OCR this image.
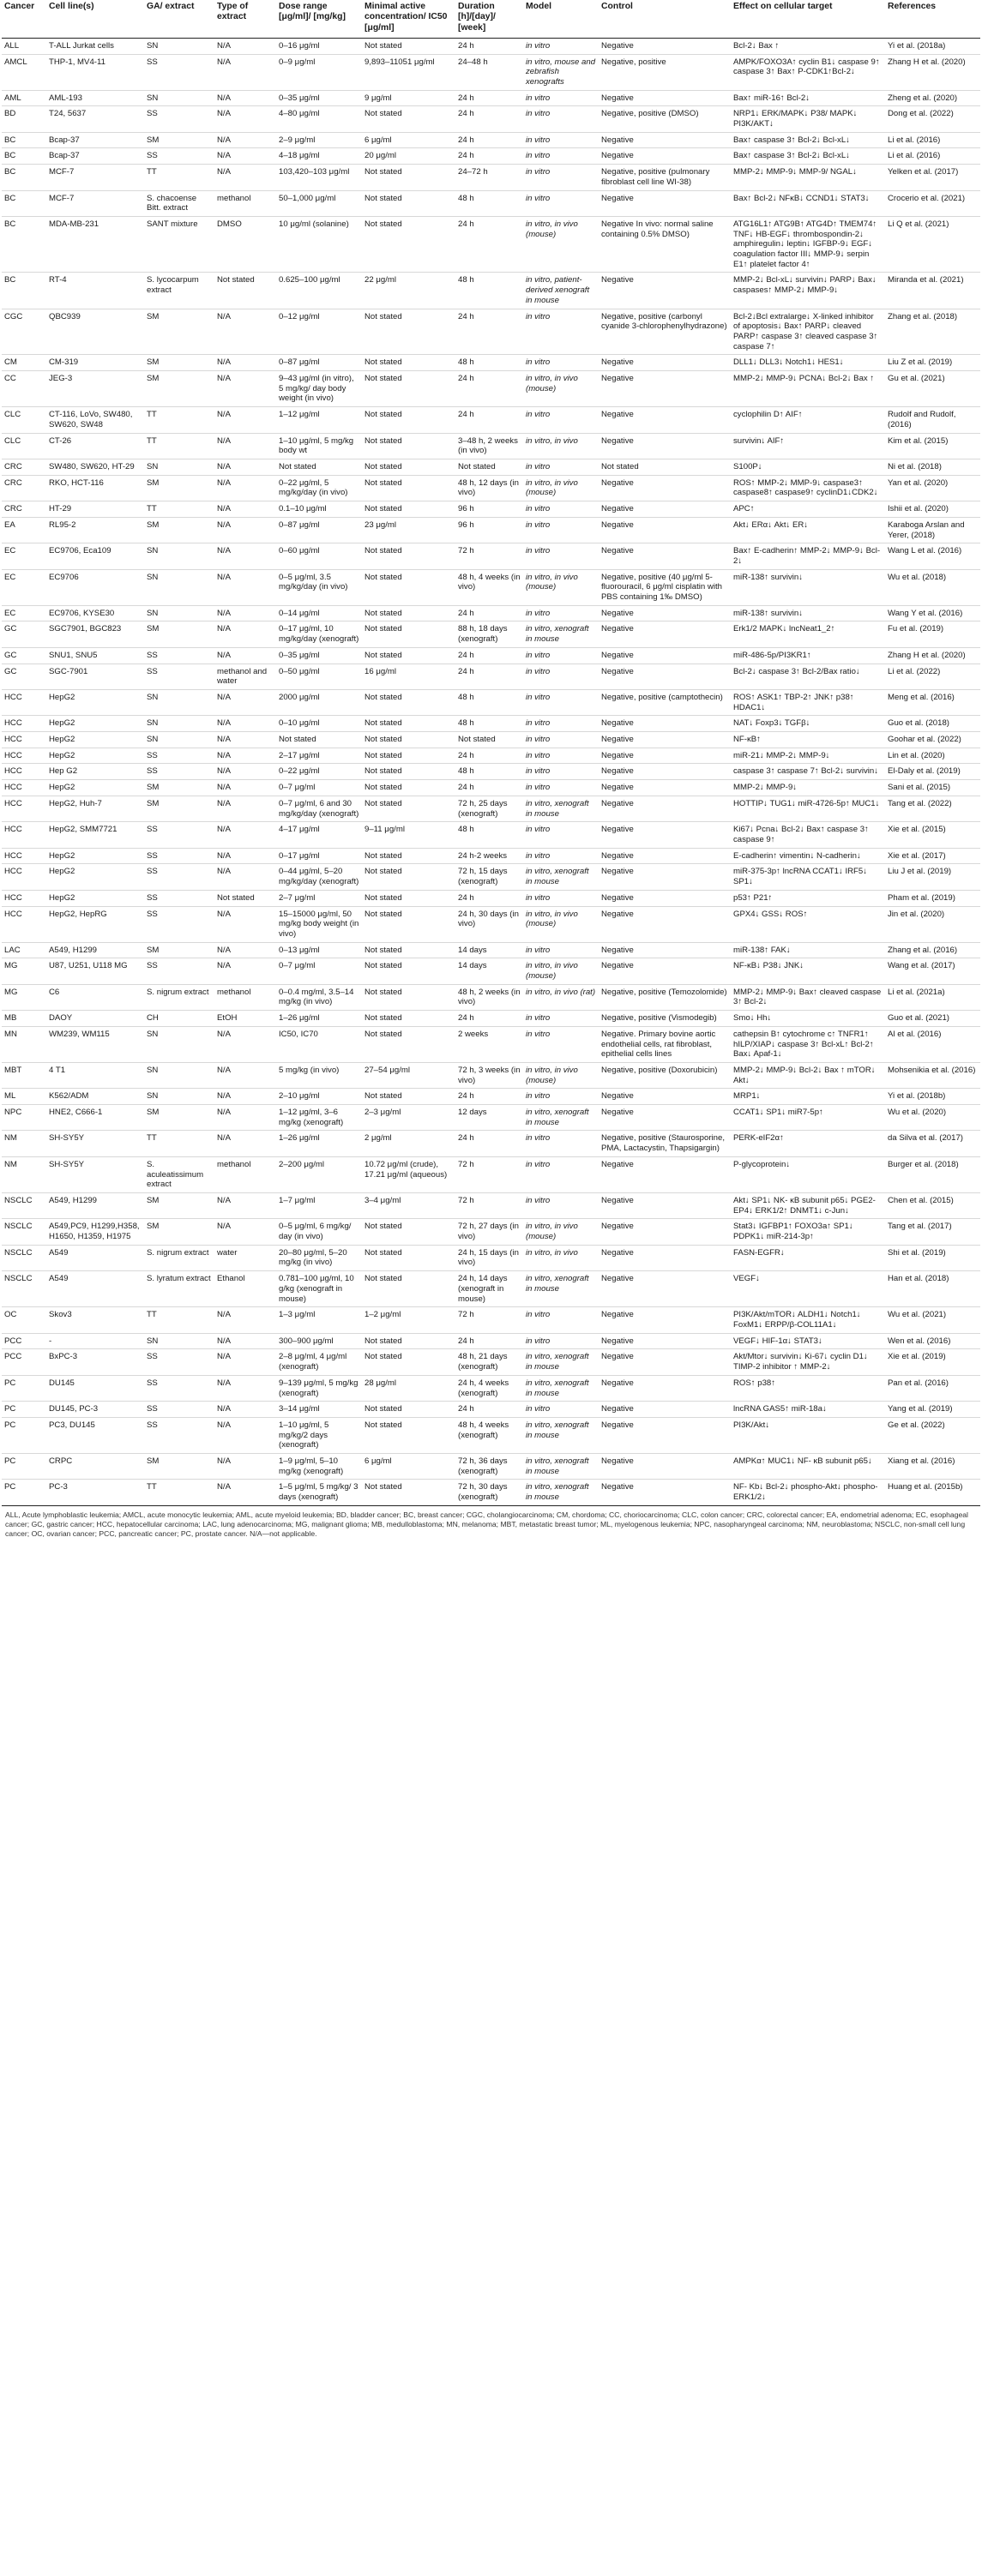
Cancer	Cell line(s)	GA/ extract	Type of extract	Dose range [μg/ml]/ [mg/kg]	Minimal active concentration/ IC50 [μg/ml]	Duration [h]/[day]/ [week]	Model	Control	Effect on cellular target	References
ALL	T-ALL Jurkat cells	SN	N/A	0–16 μg/ml	Not stated	24 h	in vitro	Negative	Bcl-2↓ Bax ↑	Yi et al. (2018a)
AMCL	THP-1, MV4-11	SS	N/A	0–9 μg/ml	9,893–11051 μg/ml	24–48 h	in vitro, mouse and zebrafish xenografts	Negative, positive	AMPK/FOXO3A↑ cyclin B1↓ caspase 9↑ caspase 3↑ Bax↑ P-CDK1↑Bcl-2↓	Zhang H et al. (2020)
AML	AML-193	SN	N/A	0–35 μg/ml	9 μg/ml	24 h	in vitro	Negative	Bax↑ miR-16↑ Bcl-2↓	Zheng et al. (2020)
BD	T24, 5637	SS	N/A	4–80 μg/ml	Not stated	24 h	in vitro	Negative, positive (DMSO)	NRP1↓ ERK/MAPK↓ P38/ MAPK↓ PI3K/AKT↓	Dong et al. (2022)
BC	Bcap-37	SM	N/A	2–9 μg/ml	6 μg/ml	24 h	in vitro	Negative	Bax↑ caspase 3↑ Bcl-2↓ Bcl-xL↓	Li et al. (2016)
BC	Bcap-37	SS	N/A	4–18 μg/ml	20 μg/ml	24 h	in vitro	Negative	Bax↑ caspase 3↑ Bcl-2↓ Bcl-xL↓	Li et al. (2016)
BC	MCF-7	TT	N/A	103,420–103 μg/ml	Not stated	24–72 h	in vitro	Negative, positive (pulmonary fibroblast cell line WI-38)	MMP-2↓ MMP-9↓ MMP-9/ NGAL↓	Yelken et al. (2017)
BC	MCF-7	S. chacoense Bitt. extract	methanol	50–1,000 μg/ml	Not stated	48 h	in vitro	Negative	Bax↑ Bcl-2↓ NFκB↓ CCND1↓ STAT3↓	Crocerio et al. (2021)
BC	MDA-MB-231	SANT mixture	DMSO	10 μg/ml (solanine)	Not stated	24 h	in vitro, in vivo (mouse)	Negative In vivo: normal saline containing 0.5% DMSO)	ATG16L1↑ ATG9B↑ ATG4D↑ TMEM74↑ TNF↓ HB-EGF↓ thrombospondin-2↓ amphiregulin↓ leptin↓ IGFBP-9↓ EGF↓ coagulation factor III↓ MMP-9↓ serpin E1↑ platelet factor 4↑	Li Q et al. (2021)
BC	RT-4	S. lycocarpum extract	Not stated	0.625–100 μg/ml	22 μg/ml	48 h	in vitro, patient-derived xenograft in mouse	Negative	MMP-2↓ Bcl-xL↓ survivin↓ PARP↓ Bax↓ caspases↑ MMP-2↓ MMP-9↓	Miranda et al. (2021)
CGC	QBC939	SM	N/A	0–12 μg/ml	Not stated	24 h	in vitro	Negative, positive (carbonyl cyanide 3-chlorophenylhydrazone)	Bcl-2↓Bcl extralarge↓ X-linked inhibitor of apoptosis↓ Bax↑ PARP↓ cleaved PARP↑ caspase 3↑ cleaved caspase 3↑ caspase 7↑	Zhang et al. (2018)
CM	CM-319	SM	N/A	0–87 μg/ml	Not stated	48 h	in vitro	Negative	DLL1↓ DLL3↓ Notch1↓ HES1↓	Liu Z et al. (2019)
CC	JEG-3	SM	N/A	9–43 μg/ml (in vitro), 5 mg/kg/ day body weight (in vivo)	Not stated	24 h	in vitro, in vivo (mouse)	Negative	MMP-2↓ MMP-9↓ PCNA↓ Bcl-2↓ Bax ↑	Gu et al. (2021)
CLC	CT-116, LoVo, SW480, SW620, SW48	TT	N/A	1–12 μg/ml	Not stated	24 h	in vitro	Negative	cyclophilin D↑ AIF↑	Rudolf and Rudolf, (2016)
CLC	CT-26	TT	N/A	1–10 μg/ml, 5 mg/kg body wt	Not stated	3–48 h, 2 weeks (in vivo)	in vitro, in vivo	Negative	survivin↓ AIF↑	Kim et al. (2015)
CRC	SW480, SW620, HT-29	SN	N/A	Not stated	Not stated	Not stated	in vitro	Not stated	S100P↓	Ni et al. (2018)
CRC	RKO, HCT-116	SM	N/A	0–22 μg/ml, 5 mg/kg/day (in vivo)	Not stated	48 h, 12 days (in vivo)	in vitro, in vivo (mouse)	Negative	ROS↑ MMP-2↓ MMP-9↓ caspase3↑ caspase8↑ caspase9↑ cyclinD1↓CDK2↓	Yan et al. (2020)
CRC	HT-29	TT	N/A	0.1–10 μg/ml	Not stated	96 h	in vitro	Negative	APC↑	Ishii et al. (2020)
EA	RL95-2	SM	N/A	0–87 μg/ml	23 μg/ml	96 h	in vitro	Negative	Akt↓ ERα↓ Akt↓ ER↓	Karaboga Arslan and Yerer, (2018)
EC	EC9706, Eca109	SN	N/A	0–60 μg/ml	Not stated	72 h	in vitro	Negative	Bax↑ E-cadherin↑ MMP-2↓ MMP-9↓ Bcl-2↓	Wang L et al. (2016)
EC	EC9706	SN	N/A	0–5 μg/ml, 3.5 mg/kg/day (in vivo)	Not stated	48 h, 4 weeks (in vivo)	in vitro, in vivo (mouse)	Negative, positive (40 μg/ml 5-fluorouracil, 6 μg/ml cisplatin with PBS containing 1‰ DMSO)	miR-138↑ survivin↓	Wu et al. (2018)
EC	EC9706, KYSE30	SN	N/A	0–14 μg/ml	Not stated	24 h	in vitro	Negative	miR-138↑ survivin↓	Wang Y et al. (2016)
GC	SGC7901, BGC823	SM	N/A	0–17 μg/ml, 10 mg/kg/day (xenograft)	Not stated	88 h, 18 days (xenograft)	in vitro, xenograft in mouse	Negative	Erk1/2 MAPK↓ lncNeat1_2↑	Fu et al. (2019)
GC	SNU1, SNU5	SS	N/A	0–35 μg/ml	Not stated	24 h	in vitro	Negative	miR-486-5p/PI3KR1↑	Zhang H et al. (2020)
GC	SGC-7901	SS	methanol and water	0–50 μg/ml	16 μg/ml	24 h	in vitro	Negative	Bcl-2↓ caspase 3↑ Bcl-2/Bax ratio↓	Li et al. (2022)
HCC	HepG2	SN	N/A	2000 μg/ml	Not stated	48 h	in vitro	Negative, positive (camptothecin)	ROS↑ ASK1↑ TBP-2↑ JNK↑ p38↑ HDAC1↓	Meng et al. (2016)
HCC	HepG2	SN	N/A	0–10 μg/ml	Not stated	48 h	in vitro	Negative	NAT↓ Foxp3↓ TGFβ↓	Guo et al. (2018)
HCC	HepG2	SN	N/A	Not stated	Not stated	Not stated	in vitro	Negative	NF-κB↑	Goohar et al. (2022)
HCC	HepG2	SS	N/A	2–17 μg/ml	Not stated	24 h	in vitro	Negative	miR-21↓ MMP-2↓ MMP-9↓	Lin et al. (2020)
HCC	Hep G2	SS	N/A	0–22 μg/ml	Not stated	48 h	in vitro	Negative	caspase 3↑ caspase 7↑ Bcl-2↓ survivin↓	El-Daly et al. (2019)
HCC	HepG2	SM	N/A	0–7 μg/ml	Not stated	24 h	in vitro	Negative	MMP-2↓ MMP-9↓	Sani et al. (2015)
HCC	HepG2, Huh-7	SM	N/A	0–7 μg/ml, 6 and 30 mg/kg/day (xenograft)	Not stated	72 h, 25 days (xenograft)	in vitro, xenograft in mouse	Negative	HOTTIP↓ TUG1↓ miR-4726-5p↑ MUC1↓	Tang et al. (2022)
HCC	HepG2, SMM7721	SS	N/A	4–17 μg/ml	9–11 μg/ml	48 h	in vitro	Negative	Ki67↓ Pcna↓ Bcl-2↓ Bax↑ caspase 3↑ caspase 9↑	Xie et al. (2015)
HCC	HepG2	SS	N/A	0–17 μg/ml	Not stated	24 h-2 weeks	in vitro	Negative	E-cadherin↑ vimentin↓ N-cadherin↓	Xie et al. (2017)
HCC	HepG2	SS	N/A	0–44 μg/ml, 5–20 mg/kg/day (xenograft)	Not stated	72 h, 15 days (xenograft)	in vitro, xenograft in mouse	Negative	miR-375-3p↑ lncRNA CCAT1↓ IRF5↓ SP1↓	Liu J et al. (2019)
HCC	HepG2	SS	Not stated	2–7 μg/ml	Not stated	24 h	in vitro	Negative	p53↑ P21↑	Pham et al. (2019)
HCC	HepG2, HepRG	SS	N/A	15–15000 μg/ml, 50 mg/kg body weight (in vivo)	Not stated	24 h, 30 days (in vivo)	in vitro, in vivo (mouse)	Negative	GPX4↓ GSS↓ ROS↑	Jin et al. (2020)
LAC	A549, H1299	SM	N/A	0–13 μg/ml	Not stated	14 days	in vitro	Negative	miR-138↑ FAK↓	Zhang et al. (2016)
MG	U87, U251, U118 MG	SS	N/A	0–7 μg/ml	Not stated	14 days	in vitro, in vivo (mouse)	Negative	NF-κB↓ P38↓ JNK↓	Wang et al. (2017)
MG	C6	S. nigrum extract	methanol	0–0.4 mg/ml, 3.5–14 mg/kg (in vivo)	Not stated	48 h, 2 weeks (in vivo)	in vitro, in vivo (rat)	Negative, positive (Temozolomide)	MMP-2↓ MMP-9↓ Bax↑ cleaved caspase 3↑ Bcl-2↓	Li et al. (2021a)
MB	DAOY	CH	EtOH	1–26 μg/ml	Not stated	24 h	in vitro	Negative, positive (Vismodegib)	Smo↓ Hh↓	Guo et al. (2021)
MN	WM239, WM115	SN	N/A	IC50, IC70	Not stated	2 weeks	in vitro	Negative. Primary bovine aortic endothelial cells, rat fibroblast, epithelial cells lines	cathepsin B↑ cytochrome c↑ TNFR1↑ hILP/XIAP↓ caspase 3↑ Bcl-xL↑ Bcl-2↑ Bax↓ Apaf-1↓	Al et al. (2016)
MBT	4 T1	SN	N/A	5 mg/kg (in vivo)	27–54 μg/ml	72 h, 3 weeks (in vivo)	in vitro, in vivo (mouse)	Negative, positive (Doxorubicin)	MMP-2↓ MMP-9↓ Bcl-2↓ Bax ↑ mTOR↓ Akt↓	Mohsenikia et al. (2016)
ML	K562/ADM	SN	N/A	2–10 μg/ml	Not stated	24 h	in vitro	Negative	MRP1↓	Yi et al. (2018b)
NPC	HNE2, C666-1	SM	N/A	1–12 μg/ml, 3–6 mg/kg (xenograft)	2–3 μg/ml	12 days	in vitro, xenograft in mouse	Negative	CCAT1↓ SP1↓ miR7-5p↑	Wu et al. (2020)
NM	SH-SY5Y	TT	N/A	1–26 μg/ml	2 μg/ml	24 h	in vitro	Negative, positive (Staurosporine, PMA, Lactacystin, Thapsigargin)	PERK-eIF2α↑	da Silva et al. (2017)
NM	SH-SY5Y	S. aculeatissimum extract	methanol	2–200 μg/ml	10.72 μg/ml (crude), 17.21 μg/ml (aqueous)	72 h	in vitro	Negative	P-glycoprotein↓	Burger et al. (2018)
NSCLC	A549, H1299	SM	N/A	1–7 μg/ml	3–4 μg/ml	72 h	in vitro	Negative	Akt↓ SP1↓ NK- κB subunit p65↓ PGE2-EP4↓ ERK1/2↑ DNMT1↓ c-Jun↓	Chen et al. (2015)
NSCLC	A549,PC9, H1299,H358, H1650, H1359, H1975	SM	N/A	0–5 μg/ml, 6 mg/kg/ day (in vivo)	Not stated	72 h, 27 days (in vivo)	in vitro, in vivo (mouse)	Negative	Stat3↓ IGFBP1↑ FOXO3a↑ SP1↓ PDPK1↓ miR-214-3p↑	Tang et al. (2017)
NSCLC	A549	S. nigrum extract	water	20–80 μg/ml, 5–20 mg/kg (in vivo)	Not stated	24 h, 15 days (in vivo)	in vitro, in vivo	Negative	FASN-EGFR↓	Shi et al. (2019)
NSCLC	A549	S. lyratum extract	Ethanol	0.781–100 μg/ml, 10 g/kg (xenograft in mouse)	Not stated	24 h, 14 days (xenograft in mouse)	in vitro, xenograft in mouse	Negative	VEGF↓	Han et al. (2018)
OC	Skov3	TT	N/A	1–3 μg/ml	1–2 μg/ml	72 h	in vitro	Negative	PI3K/Akt/mTOR↓ ALDH1↓ Notch1↓ FoxM1↓ ERPP/β-COL11A1↓	Wu et al. (2021)
PCC	-	SN	N/A	300–900 μg/ml	Not stated	24 h	in vitro	Negative	VEGF↓ HIF-1α↓ STAT3↓	Wen et al. (2016)
PCC	BxPC-3	SS	N/A	2–8 μg/ml, 4 μg/ml (xenograft)	Not stated	48 h, 21 days (xenograft)	in vitro, xenograft in mouse	Negative	Akt/Mtor↓ survivin↓ Ki-67↓ cyclin D1↓ TIMP-2 inhibitor ↑ MMP-2↓	Xie et al. (2019)
PC	DU145	SS	N/A	9–139 μg/ml, 5 mg/kg (xenograft)	28 μg/ml	24 h, 4 weeks (xenograft)	in vitro, xenograft in mouse	Negative	ROS↑ p38↑	Pan et al. (2016)
PC	DU145, PC-3	SS	N/A	3–14 μg/ml	Not stated	24 h	in vitro	Negative	lncRNA GAS5↑ miR-18a↓	Yang et al. (2019)
PC	PC3, DU145	SS	N/A	1–10 μg/ml, 5 mg/kg/2 days (xenograft)	Not stated	48 h, 4 weeks (xenograft)	in vitro, xenograft in mouse	Negative	PI3K/Akt↓	Ge et al. (2022)
PC	CRPC	SM	N/A	1–9 μg/ml, 5–10 mg/kg (xenograft)	6 μg/ml	72 h, 36 days (xenograft)	in vitro, xenograft in mouse	Negative	AMPKα↑ MUC1↓ NF- κB subunit p65↓	Xiang et al. (2016)
PC	PC-3	TT	N/A	1–5 μg/ml, 5 mg/kg/ 3 days (xenograft)	Not stated	72 h, 30 days (xenograft)	in vitro, xenograft in mouse	Negative	NF- Kb↓ Bcl-2↓ phospho-Akt↓ phospho-ERK1/2↓	Huang et al. (2015b)
ALL, Acute lymphoblastic leukemia; AMCL, acute monocytic leukemia; AML, acute myeloid leukemia; BD, bladder cancer; BC, breast cancer; CGC, cholangiocarcinoma; CM, chordoma; CC, choriocarcinoma; CLC, colon cancer; CRC, colorectal cancer; EA, endometrial adenoma; EC, esophageal cancer; GC, gastric cancer; HCC, hepatocellular carcinoma; LAC, lung adenocarcinoma; MG, malignant glioma; MB, medulloblastoma; MN, melanoma; MBT, metastatic breast tumor; ML, myelogenous leukemia; NPC, nasopharyngeal carcinoma; NM, neuroblastoma; NSCLC, non-small cell lung cancer; OC, ovarian cancer; PCC, pancreatic cancer; PC, prostate cancer. N/A—not applicable.
